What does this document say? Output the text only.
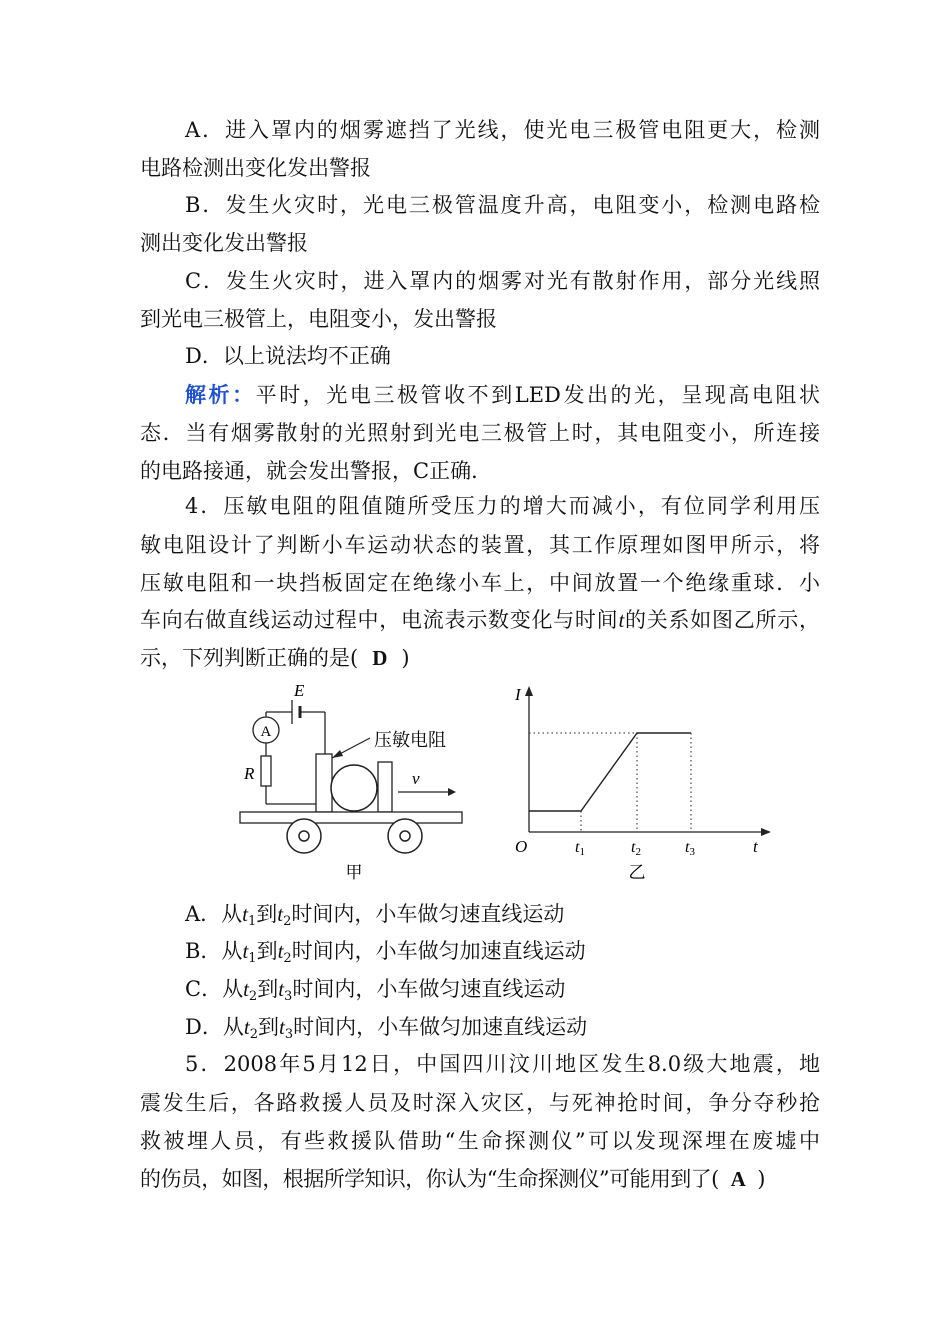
A．进入罩内的烟雾遮挡了光线，使光电三极管电阻更大，检测
电路检测出变化发出警报
B．发生火灾时，光电三极管温度升高，电阻变小，检测电路检
测出变化发出警报
C．发生火灾时，进入罩内的烟雾对光有散射作用，部分光线照
到光电三极管上，电阻变小，发出警报
D．以上说法均不正确
解析：平时，光电三极管收不到LED发出的光，呈现高电阻状
态．当有烟雾散射的光照射到光电三极管上时，其电阻变小，所连接
的电路接通，就会发出警报，C正确．
4．压敏电阻的阻值随所受压力的增大而减小，有位同学利用压
敏电阻设计了判断小车运动状态的装置，其工作原理如图甲所示，将
压敏电阻和一块挡板固定在绝缘小车上，中间放置一个绝缘重球．小
车向右做直线运动过程中，电流表示数变化与时间t的关系如图乙所示，
示，下列判断正确的是( D )
E
A
R
压敏电阻
v
甲
I
O	t
t1	t2	t3
乙
A．从$t_1$到$t_2$时间内，小车做匀速直线运动
B．从$t_1$到$t_2$时间内，小车做匀加速直线运动
C．从$t_2$到$t_3$时间内，小车做匀速直线运动
D．从$t_2$到$t_3$时间内，小车做匀加速直线运动
5．2008年5月12日，中国四川汶川地区发生8.0级大地震，地
震发生后，各路救援人员及时深入灾区，与死神抢时间，争分夺秒抢
救被埋人员，有些救援队借助“生命探测仪”可以发现深埋在废墟中
的伤员，如图，根据所学知识，你认为“生命探测仪”可能用到了( A )
